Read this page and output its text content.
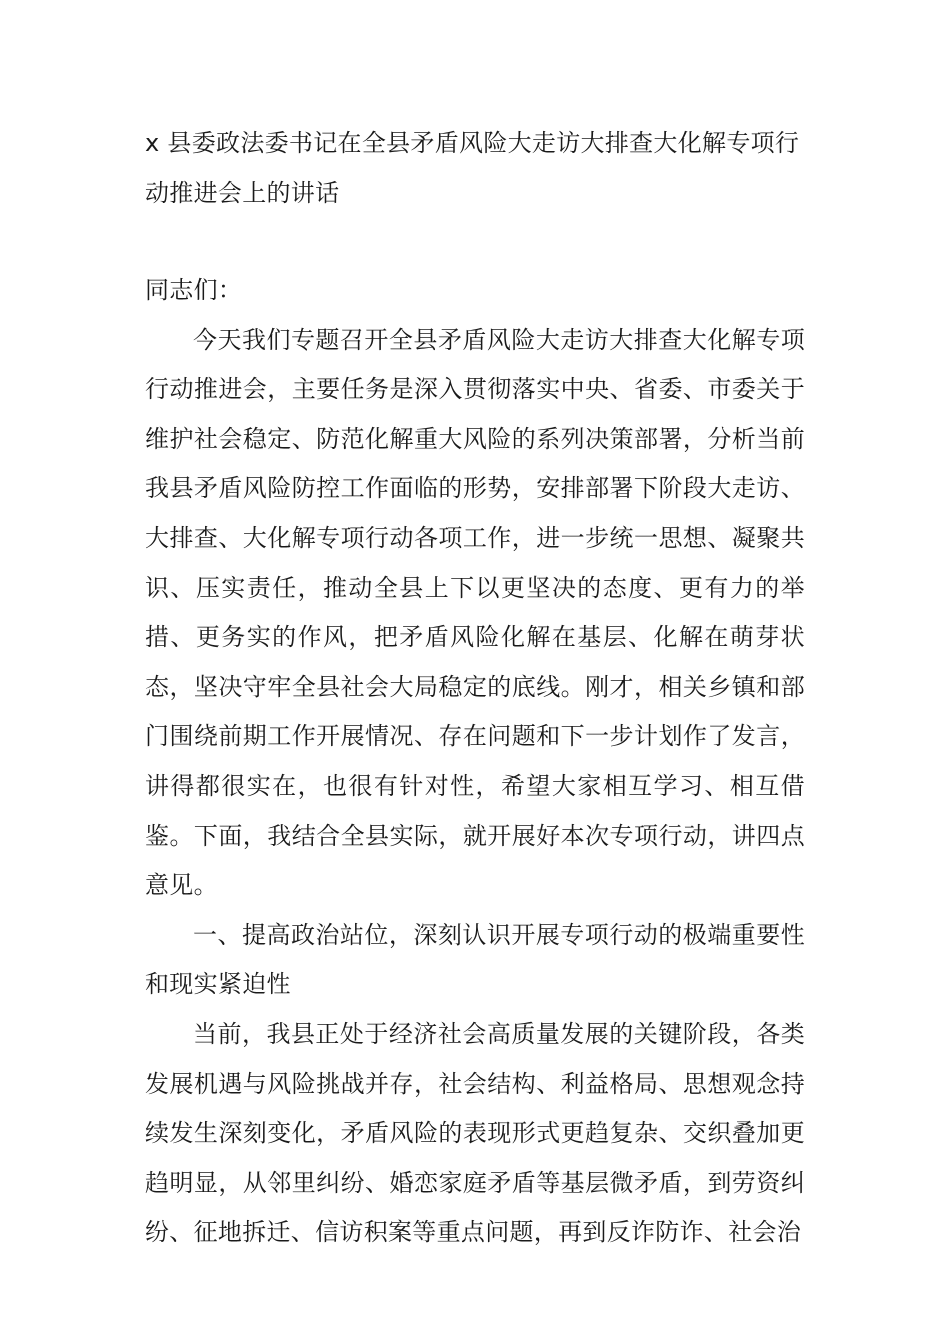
x 县委政法委书记在全县矛盾风险大走访大排查大化解专项行动推进会上的讲话

同志们：

今天我们专题召开全县矛盾风险大走访大排查大化解专项行动推进会，主要任务是深入贯彻落实中央、省委、市委关于维护社会稳定、防范化解重大风险的系列决策部署，分析当前我县矛盾风险防控工作面临的形势，安排部署下阶段大走访、大排查、大化解专项行动各项工作，进一步统一思想、凝聚共识、压实责任，推动全县上下以更坚决的态度、更有力的举措、更务实的作风，把矛盾风险化解在基层、化解在萌芽状态，坚决守牢全县社会大局稳定的底线。刚才，相关乡镇和部门围绕前期工作开展情况、存在问题和下一步计划作了发言，讲得都很实在，也很有针对性，希望大家相互学习、相互借鉴。下面，我结合全县实际，就开展好本次专项行动，讲四点意见。

一、提高政治站位，深刻认识开展专项行动的极端重要性和现实紧迫性

当前，我县正处于经济社会高质量发展的关键阶段，各类发展机遇与风险挑战并存，社会结构、利益格局、思想观念持续发生深刻变化，矛盾风险的表现形式更趋复杂、交织叠加更趋明显，从邻里纠纷、婚恋家庭矛盾等基层微矛盾，到劳资纠纷、征地拆迁、信访积案等重点问题，再到反诈防诈、社会治
